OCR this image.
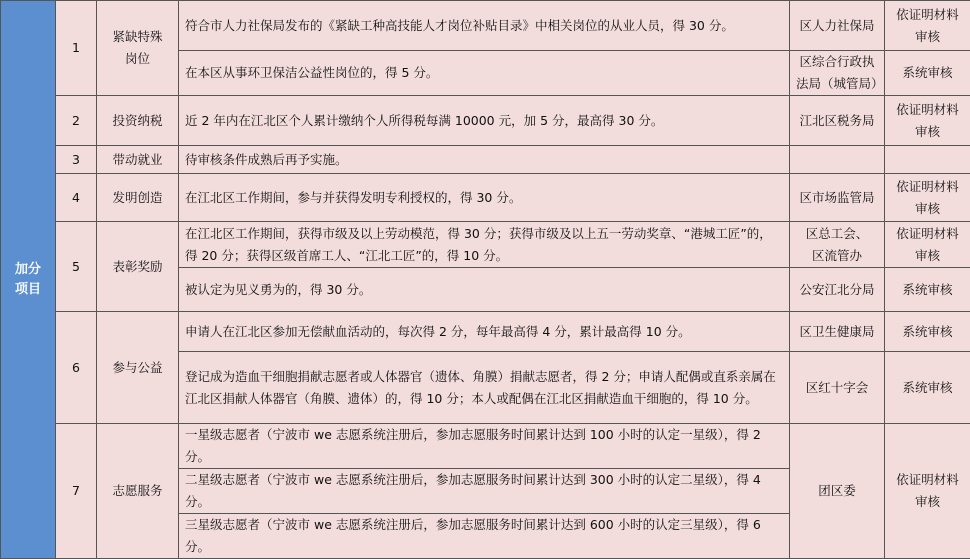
加分项目	1	紧缺特殊岗位	符合市人力社保局发布的《紧缺工种高技能人才岗位补贴目录》中相关岗位的从业人员，得 30 分。	区人力社保局	依证明材料审核
			在本区从事环卫保洁公益性岗位的，得 5 分。	区综合行政执法局（城管局）	系统审核
	2	投资纳税	近 2 年内在江北区个人累计缴纳个人所得税每满 10000 元，加 5 分，最高得 30 分。	江北区税务局	依证明材料审核
	3	带动就业	待审核条件成熟后再予实施。		
	4	发明创造	在江北区工作期间，参与并获得发明专利授权的，得 30 分。	区市场监管局	依证明材料审核
	5	表彰奖励	在江北区工作期间，获得市级及以上劳动模范，得 30 分；获得市级及以上五一劳动奖章、“港城工匠”的，得 20 分；获得区级首席工人、“江北工匠”的，得 10 分。	区总工会、区流管办	依证明材料审核
			被认定为见义勇为的，得 30 分。	公安江北分局	系统审核
	6	参与公益	申请人在江北区参加无偿献血活动的，每次得 2 分，每年最高得 4 分，累计最高得 10 分。	区卫生健康局	系统审核
			登记成为造血干细胞捐献志愿者或人体器官（遗体、角膜）捐献志愿者，得 2 分；申请人配偶或直系亲属在江北区捐献人体器官（角膜、遗体）的，得 10 分；本人或配偶在江北区捐献造血干细胞的，得 10 分。	区红十字会	系统审核
	7	志愿服务	一星级志愿者（宁波市 we 志愿系统注册后，参加志愿服务时间累计达到 100 小时的认定一星级），得 2 分。	团区委	依证明材料审核
			二星级志愿者（宁波市 we 志愿系统注册后，参加志愿服务时间累计达到 300 小时的认定二星级），得 4 分。		
			三星级志愿者（宁波市 we 志愿系统注册后，参加志愿服务时间累计达到 600 小时的认定三星级），得 6 分。		
